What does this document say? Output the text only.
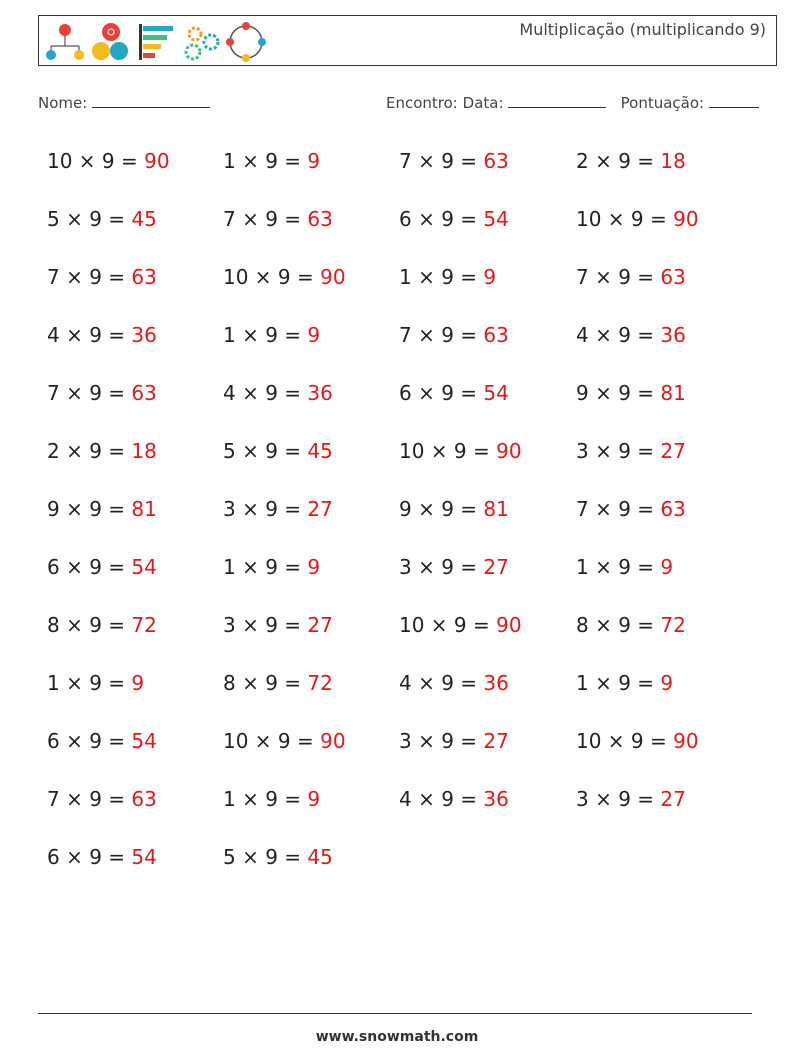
Multiplicação (multiplicando 9)
Nome:	Encontro: Data:	Pontuação:
10 × 9 = 90	1 × 9 = 9	7 × 9 = 63	2 × 9 = 18
5 × 9 = 45	7 × 9 = 63	6 × 9 = 54	10 × 9 = 90
7 × 9 = 63	10 × 9 = 90	1 × 9 = 9	7 × 9 = 63
4 × 9 = 36	1 × 9 = 9	7 × 9 = 63	4 × 9 = 36
7 × 9 = 63	4 × 9 = 36	6 × 9 = 54	9 × 9 = 81
2 × 9 = 18	5 × 9 = 45	10 × 9 = 90	3 × 9 = 27
9 × 9 = 81	3 × 9 = 27	9 × 9 = 81	7 × 9 = 63
6 × 9 = 54	1 × 9 = 9	3 × 9 = 27	1 × 9 = 9
8 × 9 = 72	3 × 9 = 27	10 × 9 = 90	8 × 9 = 72
1 × 9 = 9	8 × 9 = 72	4 × 9 = 36	1 × 9 = 9
6 × 9 = 54	10 × 9 = 90	3 × 9 = 27	10 × 9 = 90
7 × 9 = 63	1 × 9 = 9	4 × 9 = 36	3 × 9 = 27
6 × 9 = 54	5 × 9 = 45
www.snowmath.com
